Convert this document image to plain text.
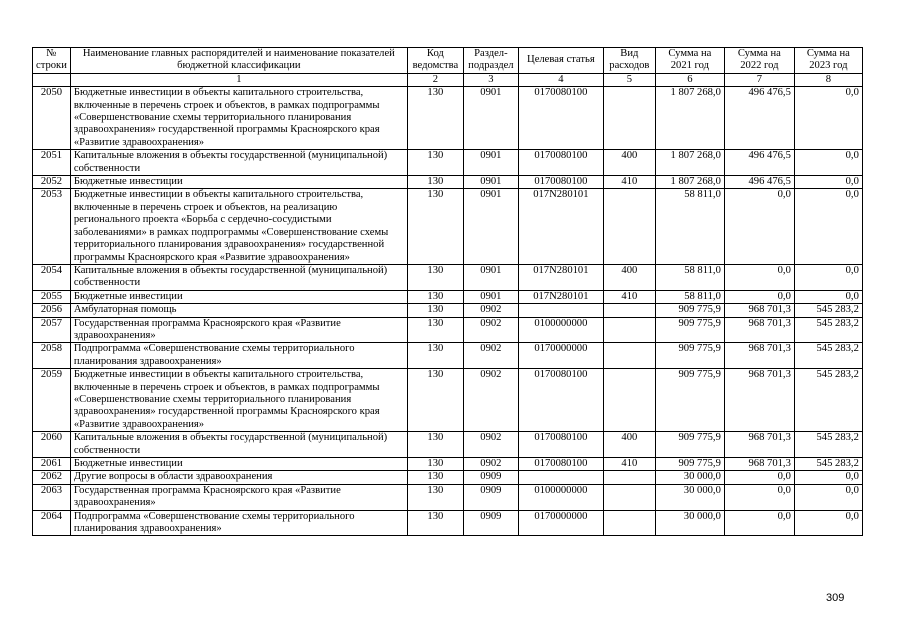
№ строки	Наименование главных распорядителей и наименование показателей бюджетной классификации	Код ведомства	Раздел-подраздел	Целевая статья	Вид расходов	Сумма на 2021 год	Сумма на 2022 год	Сумма на 2023 год
	1	2	3	4	5	6	7	8
2050	Бюджетные инвестиции в объекты капитального строительства, включенные в перечень строек и объектов, в рамках подпрограммы «Совершенствование схемы территориального планирования здравоохранения» государственной программы Красноярского края «Развитие здравоохранения»	130	0901	0170080100		1 807 268,0	496 476,5	0,0
2051	Капитальные вложения в объекты государственной (муниципальной) собственности	130	0901	0170080100	400	1 807 268,0	496 476,5	0,0
2052	Бюджетные инвестиции	130	0901	0170080100	410	1 807 268,0	496 476,5	0,0
2053	Бюджетные инвестиции в объекты капитального строительства, включенные в перечень строек и объектов, на реализацию регионального проекта «Борьба с сердечно-сосудистыми заболеваниями» в рамках подпрограммы «Совершенствование схемы территориального планирования здравоохранения» государственной программы Красноярского края «Развитие здравоохранения»	130	0901	017N280101		58 811,0	0,0	0,0
2054	Капитальные вложения в объекты государственной (муниципальной) собственности	130	0901	017N280101	400	58 811,0	0,0	0,0
2055	Бюджетные инвестиции	130	0901	017N280101	410	58 811,0	0,0	0,0
2056	Амбулаторная помощь	130	0902			909 775,9	968 701,3	545 283,2
2057	Государственная программа Красноярского края «Развитие здравоохранения»	130	0902	0100000000		909 775,9	968 701,3	545 283,2
2058	Подпрограмма «Совершенствование схемы территориального планирования здравоохранения»	130	0902	0170000000		909 775,9	968 701,3	545 283,2
2059	Бюджетные инвестиции в объекты капитального строительства, включенные в перечень строек и объектов, в рамках подпрограммы «Совершенствование схемы территориального планирования здравоохранения» государственной программы Красноярского края «Развитие здравоохранения»	130	0902	0170080100		909 775,9	968 701,3	545 283,2
2060	Капитальные вложения в объекты государственной (муниципальной) собственности	130	0902	0170080100	400	909 775,9	968 701,3	545 283,2
2061	Бюджетные инвестиции	130	0902	0170080100	410	909 775,9	968 701,3	545 283,2
2062	Другие вопросы в области здравоохранения	130	0909			30 000,0	0,0	0,0
2063	Государственная программа Красноярского края «Развитие здравоохранения»	130	0909	0100000000		30 000,0	0,0	0,0
2064	Подпрограмма «Совершенствование схемы территориального планирования здравоохранения»	130	0909	0170000000		30 000,0	0,0	0,0
309
